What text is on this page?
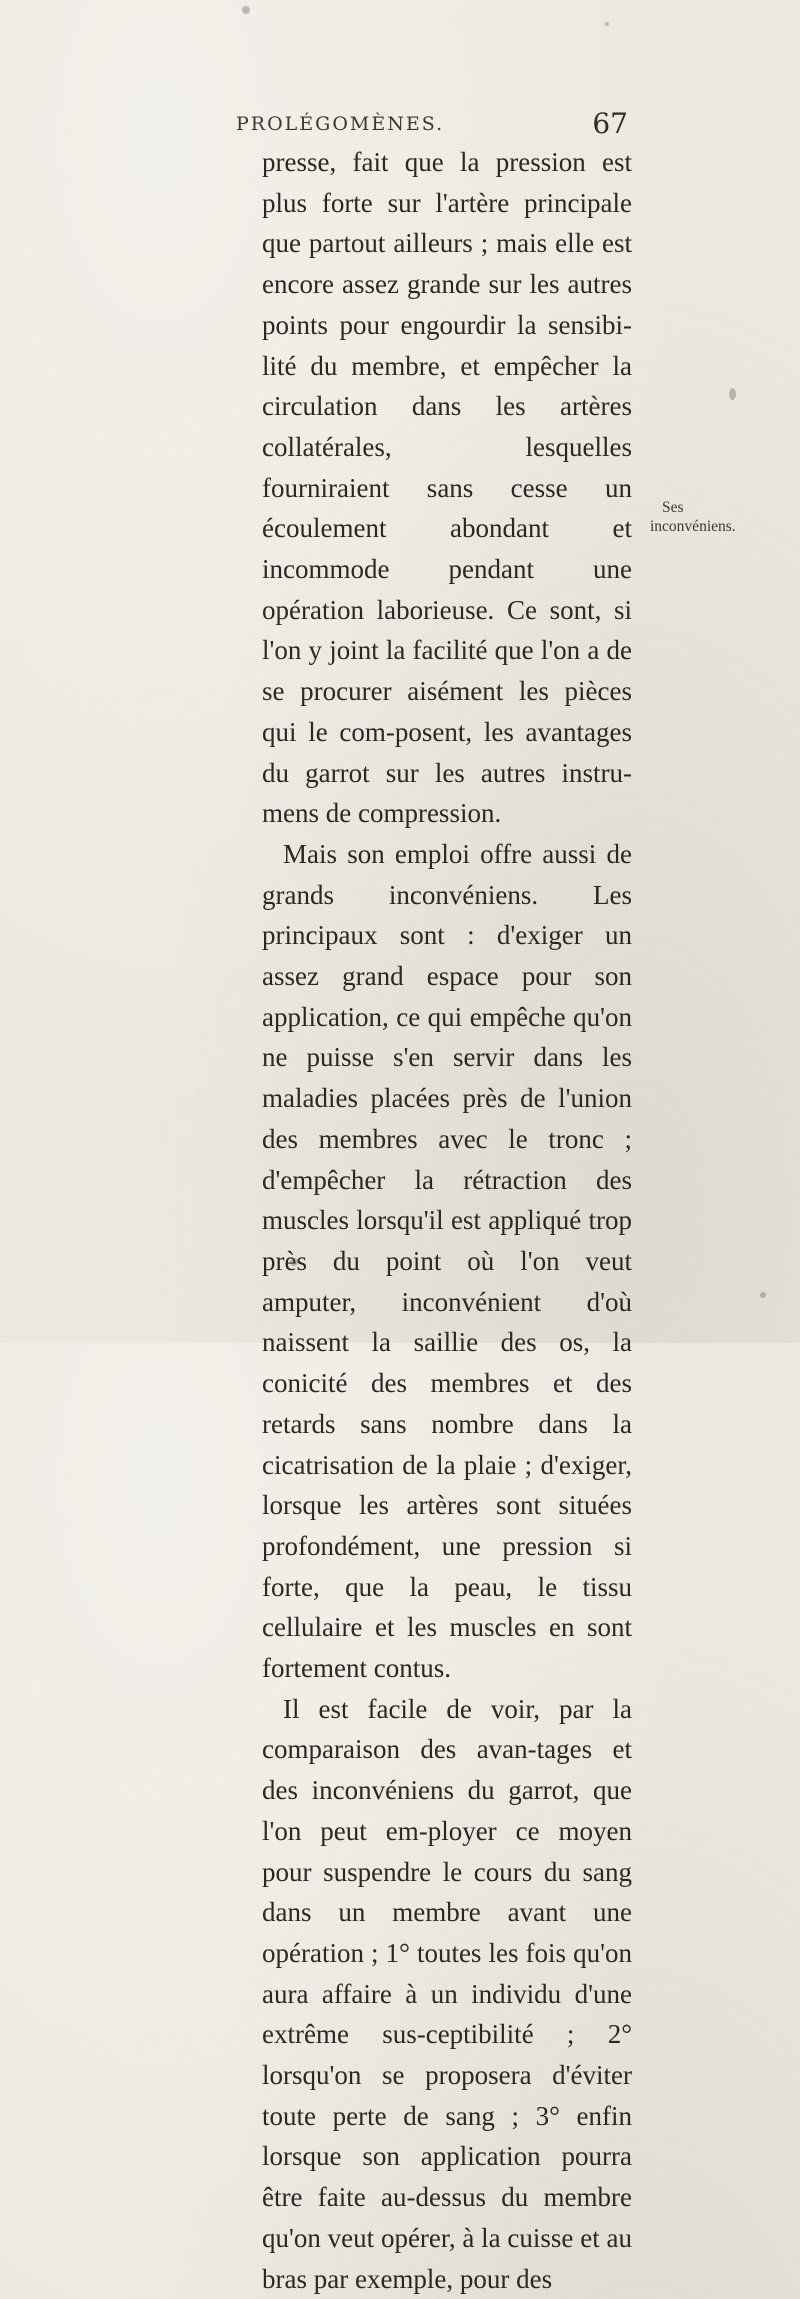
PROLÉGOMÈNES.	67

presse, fait que la pression est plus forte sur l'artère principale que partout ailleurs ; mais elle est encore assez grande sur les autres points pour engourdir la sensibi-lité du membre, et empêcher la circulation dans les artères collatérales, lesquelles fourniraient sans cesse un écoulement abondant et incommode pendant une opération laborieuse. Ce sont, si l'on y joint la facilité que l'on a de se procurer aisément les pièces qui le com-posent, les avantages du garrot sur les autres instru-mens de compression.

Mais son emploi offre aussi de grands inconvéniens. Les principaux sont : d'exiger un assez grand espace pour son application, ce qui empêche qu'on ne puisse s'en servir dans les maladies placées près de l'union des membres avec le tronc ; d'empêcher la rétraction des muscles lorsqu'il est appliqué trop près du point où l'on veut amputer, inconvénient d'où naissent la saillie des os, la conicité des membres et des retards sans nombre dans la cicatrisation de la plaie ; d'exiger, lorsque les artères sont situées profondément, une pression si forte, que la peau, le tissu cellulaire et les muscles en sont fortement contus.

Il est facile de voir, par la comparaison des avan-tages et des inconvéniens du garrot, que l'on peut em-ployer ce moyen pour suspendre le cours du sang dans un membre avant une opération ; 1° toutes les fois qu'on aura affaire à un individu d'une extrême sus-ceptibilité ; 2° lorsqu'on se proposera d'éviter toute perte de sang ; 3° enfin lorsque son application pourra être faite au-dessus du membre qu'on veut opérer, à la cuisse et au bras par exemple, pour des

Ses
inconvéniens.
